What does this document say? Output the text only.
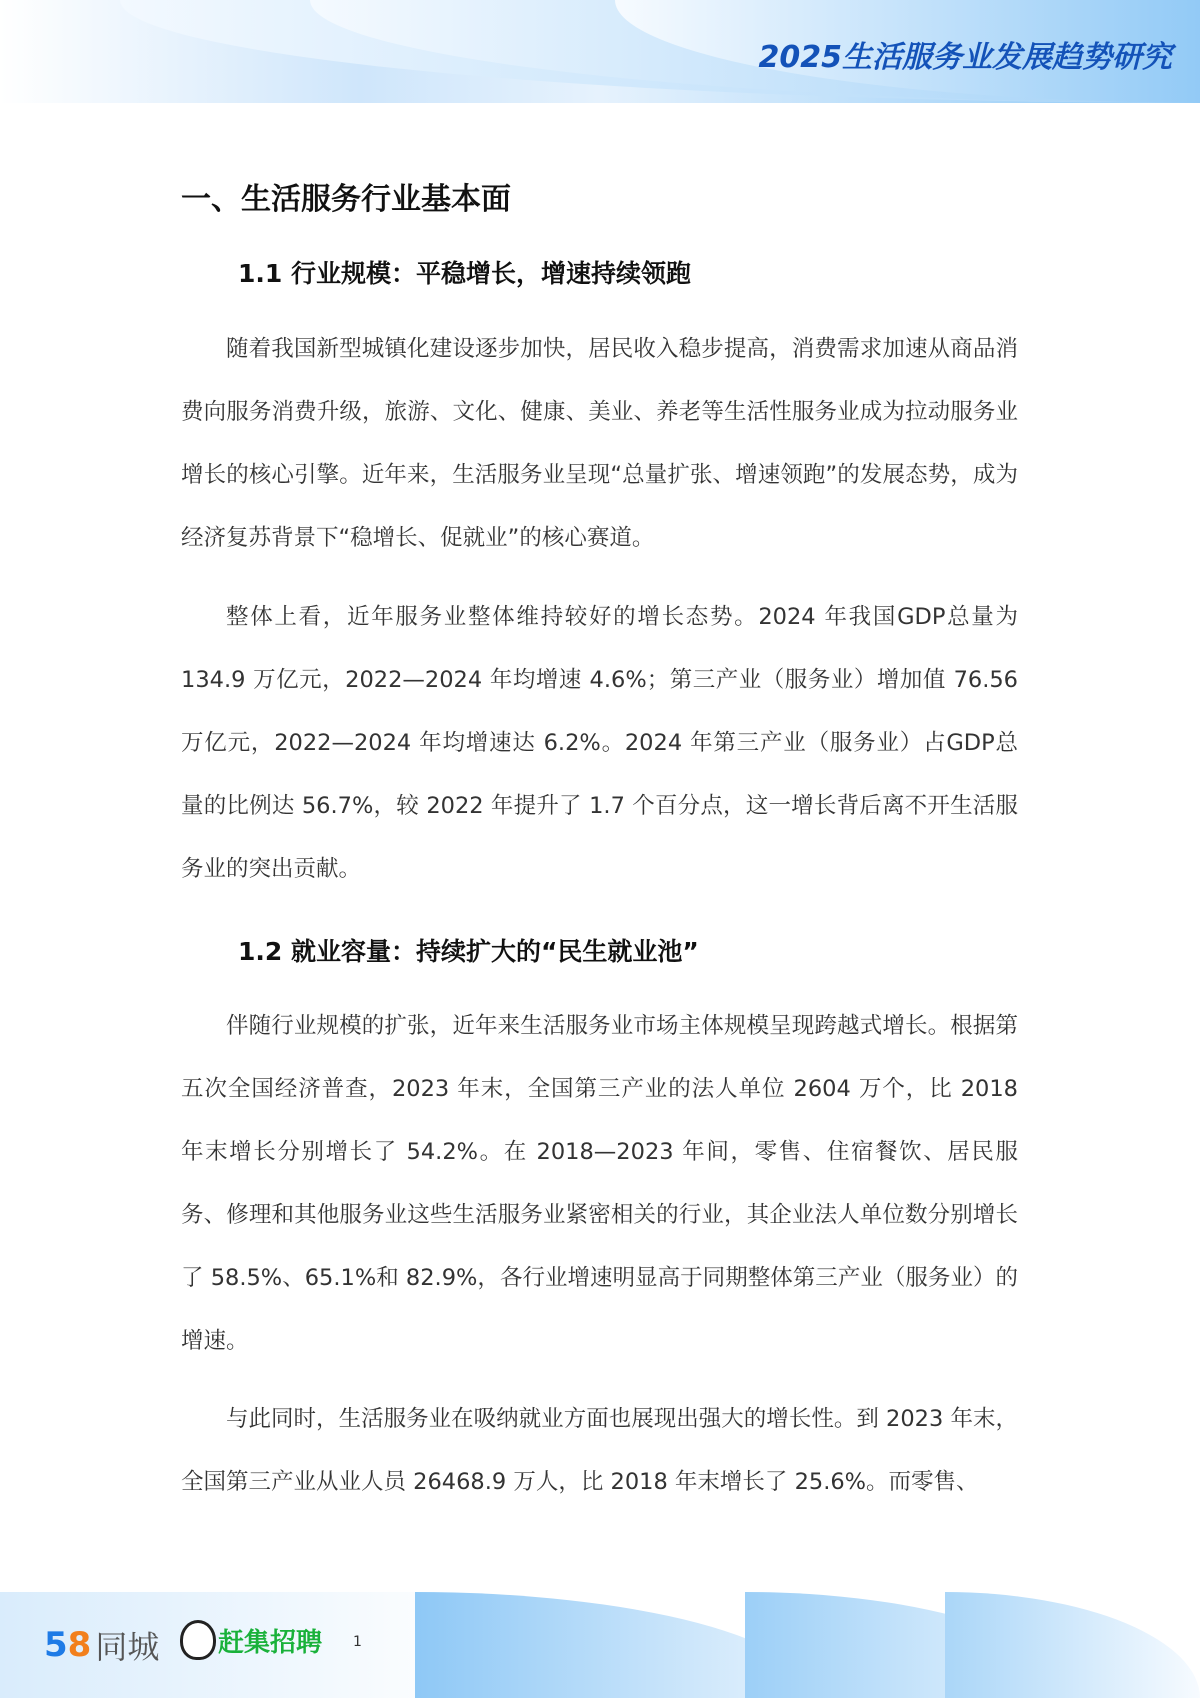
2025生活服务业发展趋势研究
一、生活服务行业基本面
1.1 行业规模：平稳增长，增速持续领跑

随着我国新型城镇化建设逐步加快，居民收入稳步提高，消费需求加速从商品消费向服务消费升级，旅游、文化、健康、美业、养老等生活性服务业成为拉动服务业增长的核心引擎。近年来，生活服务业呈现“总量扩张、增速领跑”的发展态势，成为经济复苏背景下“稳增长、促就业”的核心赛道。

整体上看，近年服务业整体维持较好的增长态势。2024 年我国GDP总量为 134.9 万亿元，2022—2024 年均增速 4.6%；第三产业（服务业）增加值 76.56 万亿元，2022—2024 年均增速达 6.2%。2024 年第三产业（服务业）占GDP总量的比例达 56.7%，较 2022 年提升了 1.7 个百分点，这一增长背后离不开生活服务业的突出贡献。

1.2 就业容量：持续扩大的“民生就业池”

伴随行业规模的扩张，近年来生活服务业市场主体规模呈现跨越式增长。根据第五次全国经济普查，2023 年末，全国第三产业的法人单位 2604 万个，比 2018 年末增长分别增长了 54.2%。在 2018—2023 年间，零售、住宿餐饮、居民服务、修理和其他服务业这些生活服务业紧密相关的行业，其企业法人单位数分别增长了 58.5%、65.1%和 82.9%，各行业增速明显高于同期整体第三产业（服务业）的增速。

与此同时，生活服务业在吸纳就业方面也展现出强大的增长性。到 2023 年末，全国第三产业从业人员 26468.9 万人，比 2018 年末增长了 25.6%。而零售、

5 8 同城 赶集招聘 1
